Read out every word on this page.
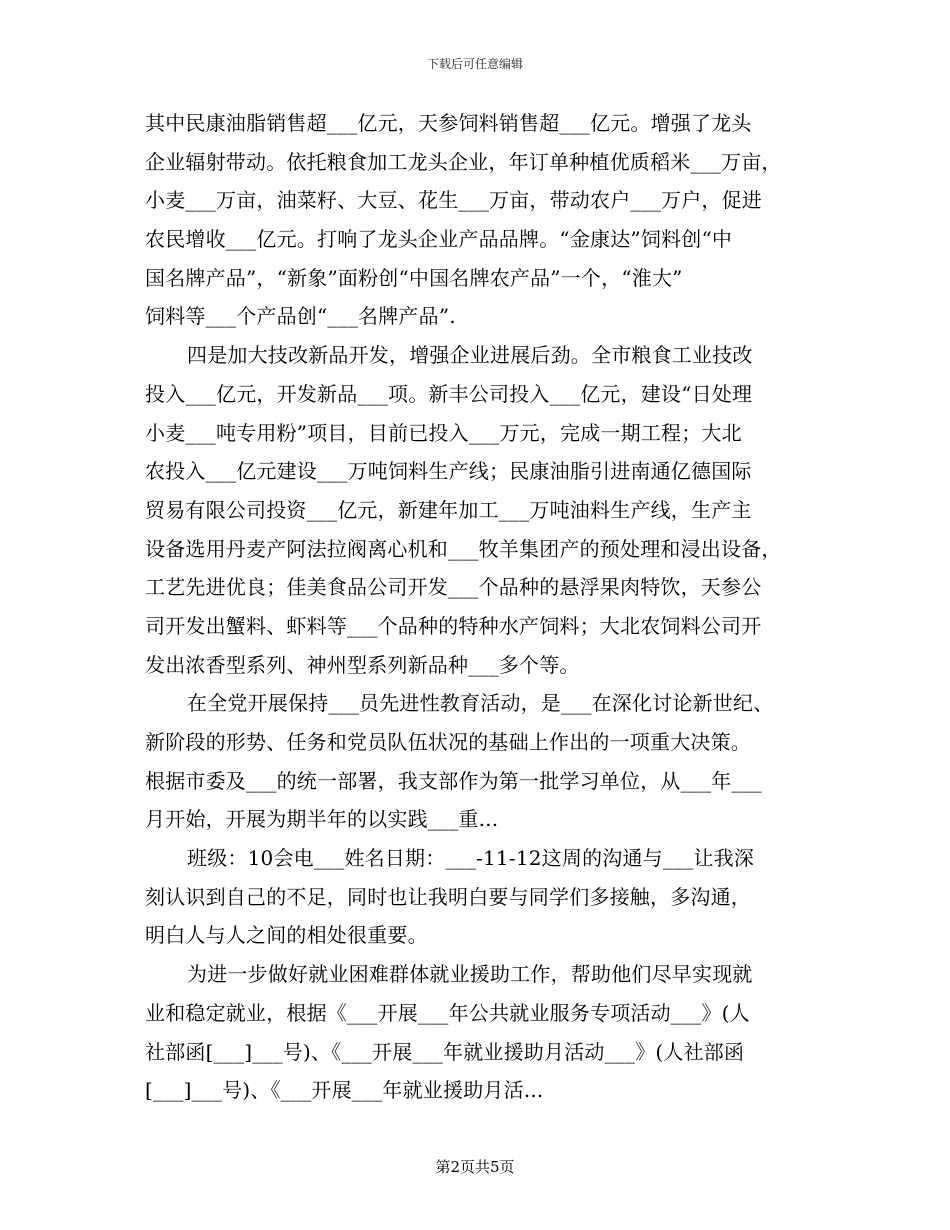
下载后可任意编辑
其中民康油脂销售超___亿元，天参饲料销售超___亿元。增强了龙头
企业辐射带动。依托粮食加工龙头企业，年订单种植优质稻米___万亩，
小麦___万亩，油菜籽、大豆、花生___万亩，带动农户___万户，促进
农民增收___亿元。打响了龙头企业产品品牌。“金康达”饲料创“中
国名牌产品”，“新象”面粉创“中国名牌农产品”一个，“淮大”
饲料等___个产品创“___名牌产品”.
四是加大技改新品开发，增强企业进展后劲。全市粮食工业技改
投入___亿元，开发新品___项。新丰公司投入___亿元，建设“日处理
小麦___吨专用粉”项目，目前已投入___万元，完成一期工程；大北
农投入___亿元建设___万吨饲料生产线；民康油脂引进南通亿德国际
贸易有限公司投资___亿元，新建年加工___万吨油料生产线，生产主
设备选用丹麦产阿法拉阀离心机和___牧羊集团产的预处理和浸出设备，
工艺先进优良；佳美食品公司开发___个品种的悬浮果肉特饮，天参公
司开发出蟹料、虾料等___个品种的特种水产饲料；大北农饲料公司开
发出浓香型系列、神州型系列新品种___多个等。
在全党开展保持___员先进性教育活动，是___在深化讨论新世纪、
新阶段的形势、任务和党员队伍状况的基础上作出的一项重大决策。
根据市委及___的统一部署，我支部作为第一批学习单位，从___年___
月开始，开展为期半年的以实践___重...
班级：10会电___姓名日期：___-11-12这周的沟通与___让我深
刻认识到自己的不足，同时也让我明白要与同学们多接触，多沟通，
明白人与人之间的相处很重要。
为进一步做好就业困难群体就业援助工作，帮助他们尽早实现就
业和稳定就业，根据《___开展___年公共就业服务专项活动___》(人
社部函[___]___号)、《___开展___年就业援助月活动___》(人社部函
[___]___号)、《___开展___年就业援助月活...
第2页共5页
